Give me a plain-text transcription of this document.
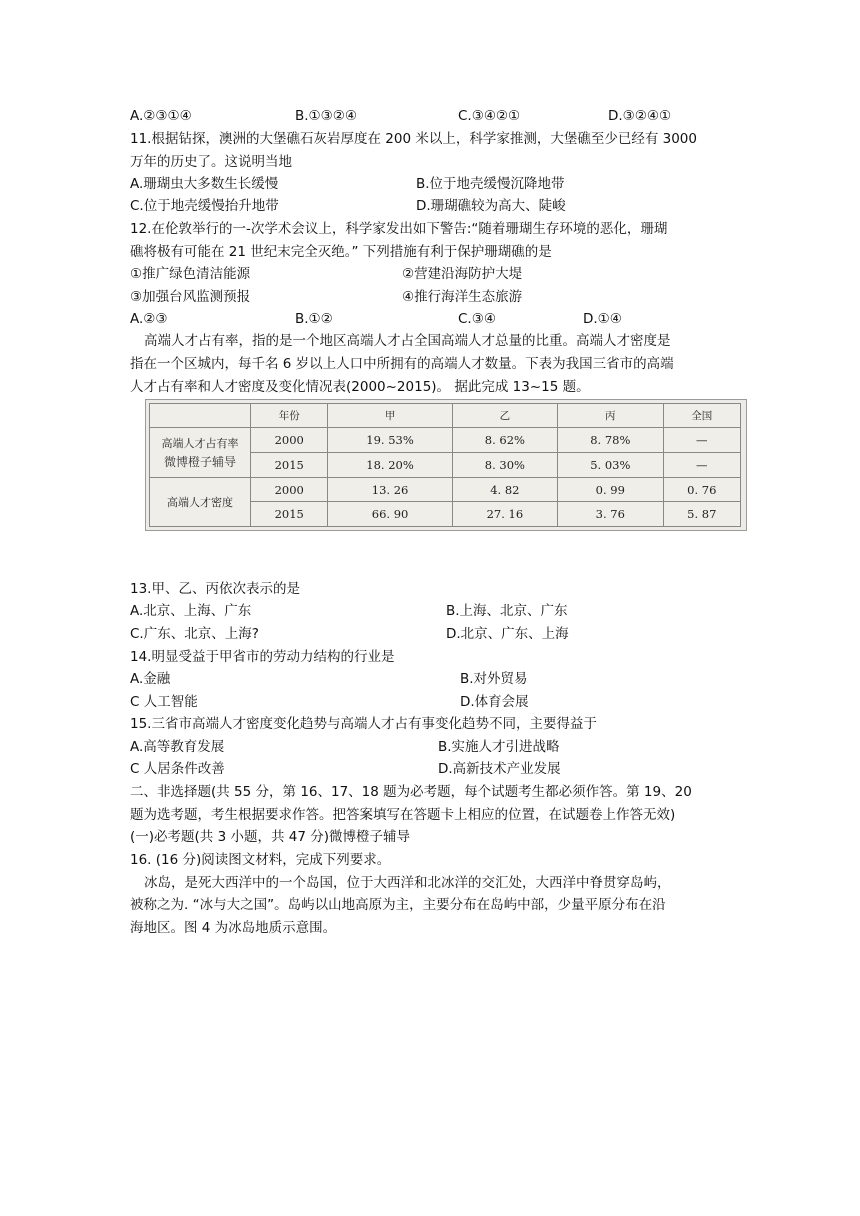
A.②③①④	B.①③②④	C.③④②①	D.③②④①
11.根据钻探，澳洲的大堡礁石灰岩厚度在 200 米以上，科学家推测，大堡礁至少已经有 3000
万年的历史了。这说明当地
A.珊瑚虫大多数生长缓慢	B.位于地壳缓慢沉降地带
C.位于地壳缓慢抬升地带	D.珊瑚礁较为高大、陡峻
12.在伦敦举行的一-次学术会议上，科学家发出如下警告:“随着珊瑚生存环境的恶化，珊瑚
礁将极有可能在 21 世纪末完全灭绝。” 下列措施有利于保护珊瑚礁的是
①推广绿色清洁能源	②营建沿海防护大堤
③加强台风监测预报	④推行海洋生态旅游
A.②③	B.①②	C.③④	D.①④
高端人才占有率，指的是一个地区高端人才占全国高端人才总量的比重。高端人才密度是
指在一个区城内，每千名 6 岁以上人口中所拥有的高端人才数量。下表为我国三省市的高端
人才占有率和人才密度及变化情况表(2000~2015)。 据此完成 13~15 题。
	年份	甲	乙	丙	全国
高端人才占有率
微博橙子辅导	2000	19. 53%	8. 62%	8. 78%	—
	2015	18. 20%	8. 30%	5. 03%	—
高端人才密度	2000	13. 26	4. 82	0. 99	0. 76
	2015	66. 90	27. 16	3. 76	5. 87
13.甲、乙、丙依次表示的是
A.北京、上海、广东	B.上海、北京、广东
C.广东、北京、上海?	D.北京、广东、上海
14.明显受益于甲省市的劳动力结构的行业是
A.金融	B.对外贸易
C 人工智能	D.体育会展
15.三省市高端人才密度变化趋势与高端人才占有事变化趋势不同，主要得益于
A.高等教育发展	B.实施人才引进战略
C 人居条件改善	D.高新技术产业发展
二、非选择题(共 55 分，第 16、17、18 题为必考题，每个试题考生都必须作答。第 19、20
题为选考题，考生根据要求作答。把答案填写在答题卡上相应的位置，在试题卷上作答无效)
(一)必考题(共 3 小题，共 47 分)微博橙子辅导
16. (16 分)阅读图文材料，完成下列要求。
冰岛，是死大西洋中的一个岛国，位于大西洋和北冰洋的交汇处，大西洋中脊贯穿岛屿，
被称之为. “冰与大之国”。岛屿以山地高原为主，主要分布在岛屿中部，少量平原分布在沿
海地区。图 4 为冰岛地质示意围。
